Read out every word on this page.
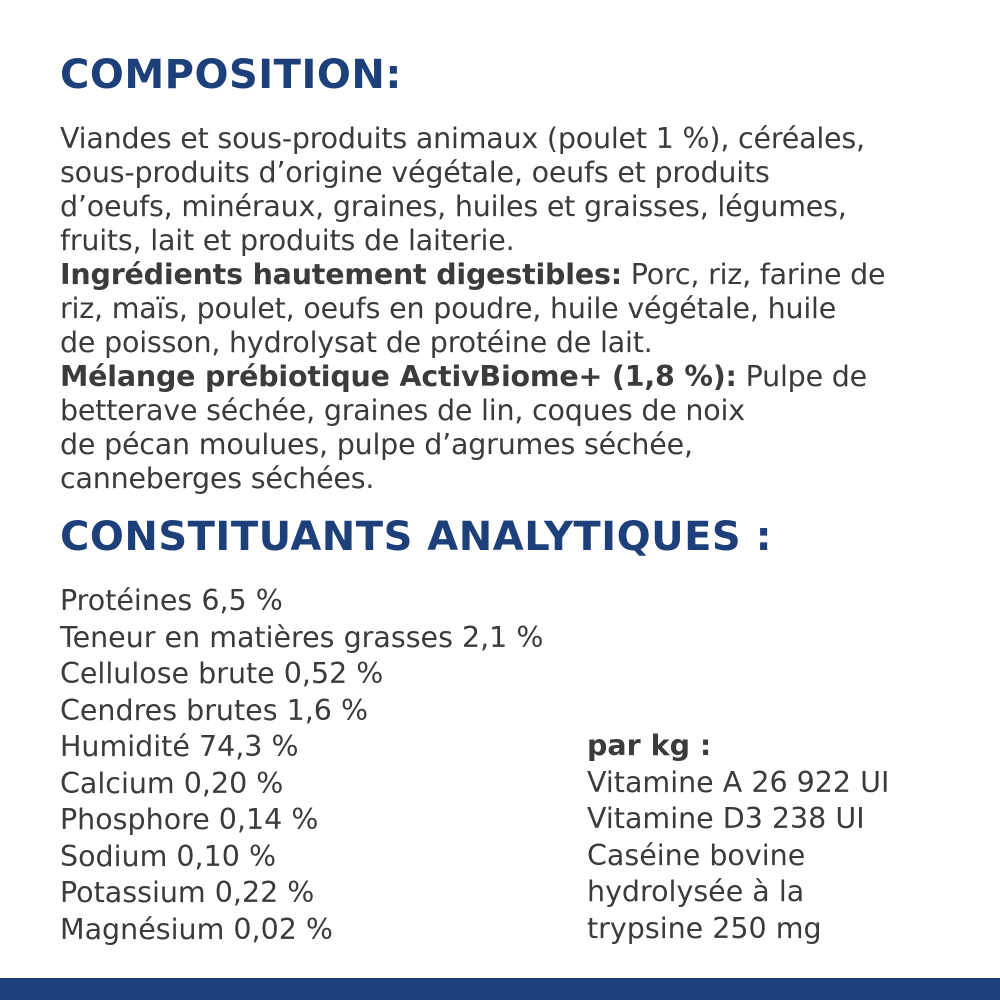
COMPOSITION:
Viandes et sous-produits animaux (poulet 1 %), céréales,
sous-produits d’origine végétale, oeufs et produits
d’oeufs, minéraux, graines, huiles et graisses, légumes,
fruits, lait et produits de laiterie.
Ingrédients hautement digestibles: Porc, riz, farine de
riz, maïs, poulet, oeufs en poudre, huile végétale, huile
de poisson, hydrolysat de protéine de lait.
Mélange prébiotique ActivBiome+ (1,8 %): Pulpe de
betterave séchée, graines de lin, coques de noix
de pécan moulues, pulpe d’agrumes séchée,
canneberges séchées.
CONSTITUANTS ANALYTIQUES :
Protéines 6,5 %
Teneur en matières grasses 2,1 %
Cellulose brute 0,52 %
Cendres brutes 1,6 %
Humidité 74,3 %
Calcium 0,20 %
Phosphore 0,14 %
Sodium 0,10 %
Potassium 0,22 %
Magnésium 0,02 %
par kg :
Vitamine A 26 922 UI
Vitamine D3 238 UI
Caséine bovine
hydrolysée à la
trypsine 250 mg
